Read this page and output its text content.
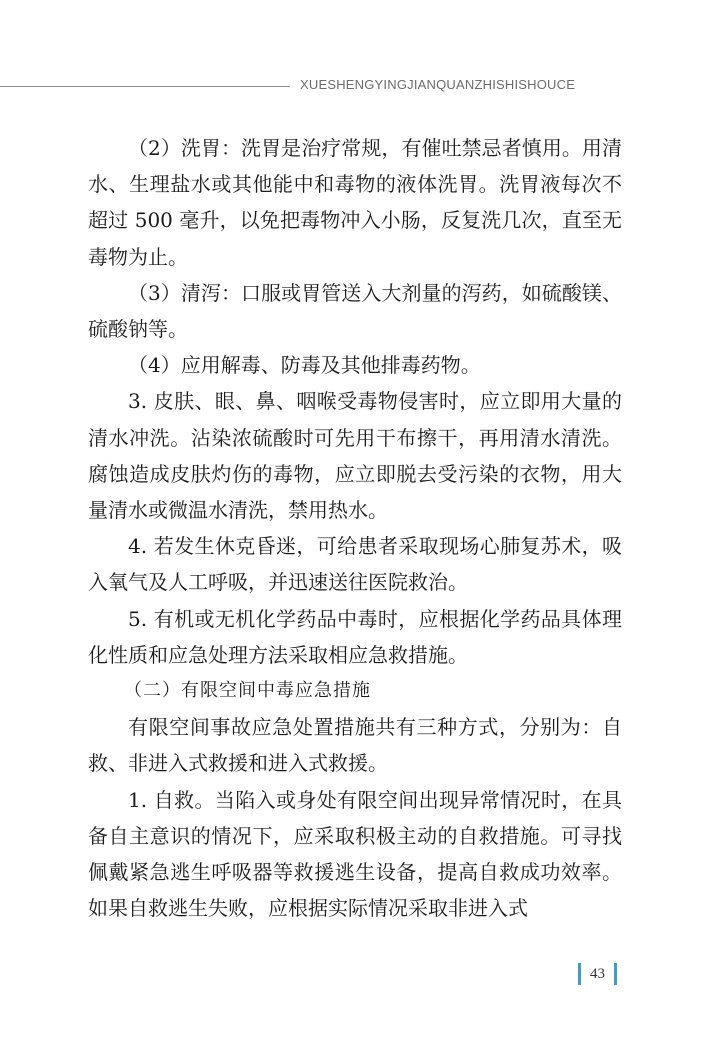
XUESHENGYINGJIANQUANZHISHISHOUCE

（2）洗胃：洗胃是治疗常规，有催吐禁忌者慎用。用清水、生理盐水或其他能中和毒物的液体洗胃。洗胃液每次不超过 500 毫升，以免把毒物冲入小肠，反复洗几次，直至无毒物为止。

（3）清泻：口服或胃管送入大剂量的泻药，如硫酸镁、硫酸钠等。

（4）应用解毒、防毒及其他排毒药物。

3. 皮肤、眼、鼻、咽喉受毒物侵害时，应立即用大量的清水冲洗。沾染浓硫酸时可先用干布擦干，再用清水清洗。腐蚀造成皮肤灼伤的毒物，应立即脱去受污染的衣物，用大量清水或微温水清洗，禁用热水。

4. 若发生休克昏迷，可给患者采取现场心肺复苏术，吸入氧气及人工呼吸，并迅速送往医院救治。

5. 有机或无机化学药品中毒时，应根据化学药品具体理化性质和应急处理方法采取相应急救措施。

（二）有限空间中毒应急措施

有限空间事故应急处置措施共有三种方式，分别为：自救、非进入式救援和进入式救援。

1. 自救。当陷入或身处有限空间出现异常情况时，在具备自主意识的情况下，应采取积极主动的自救措施。可寻找佩戴紧急逃生呼吸器等救援逃生设备，提高自救成功效率。如果自救逃生失败，应根据实际情况采取非进入式

43
